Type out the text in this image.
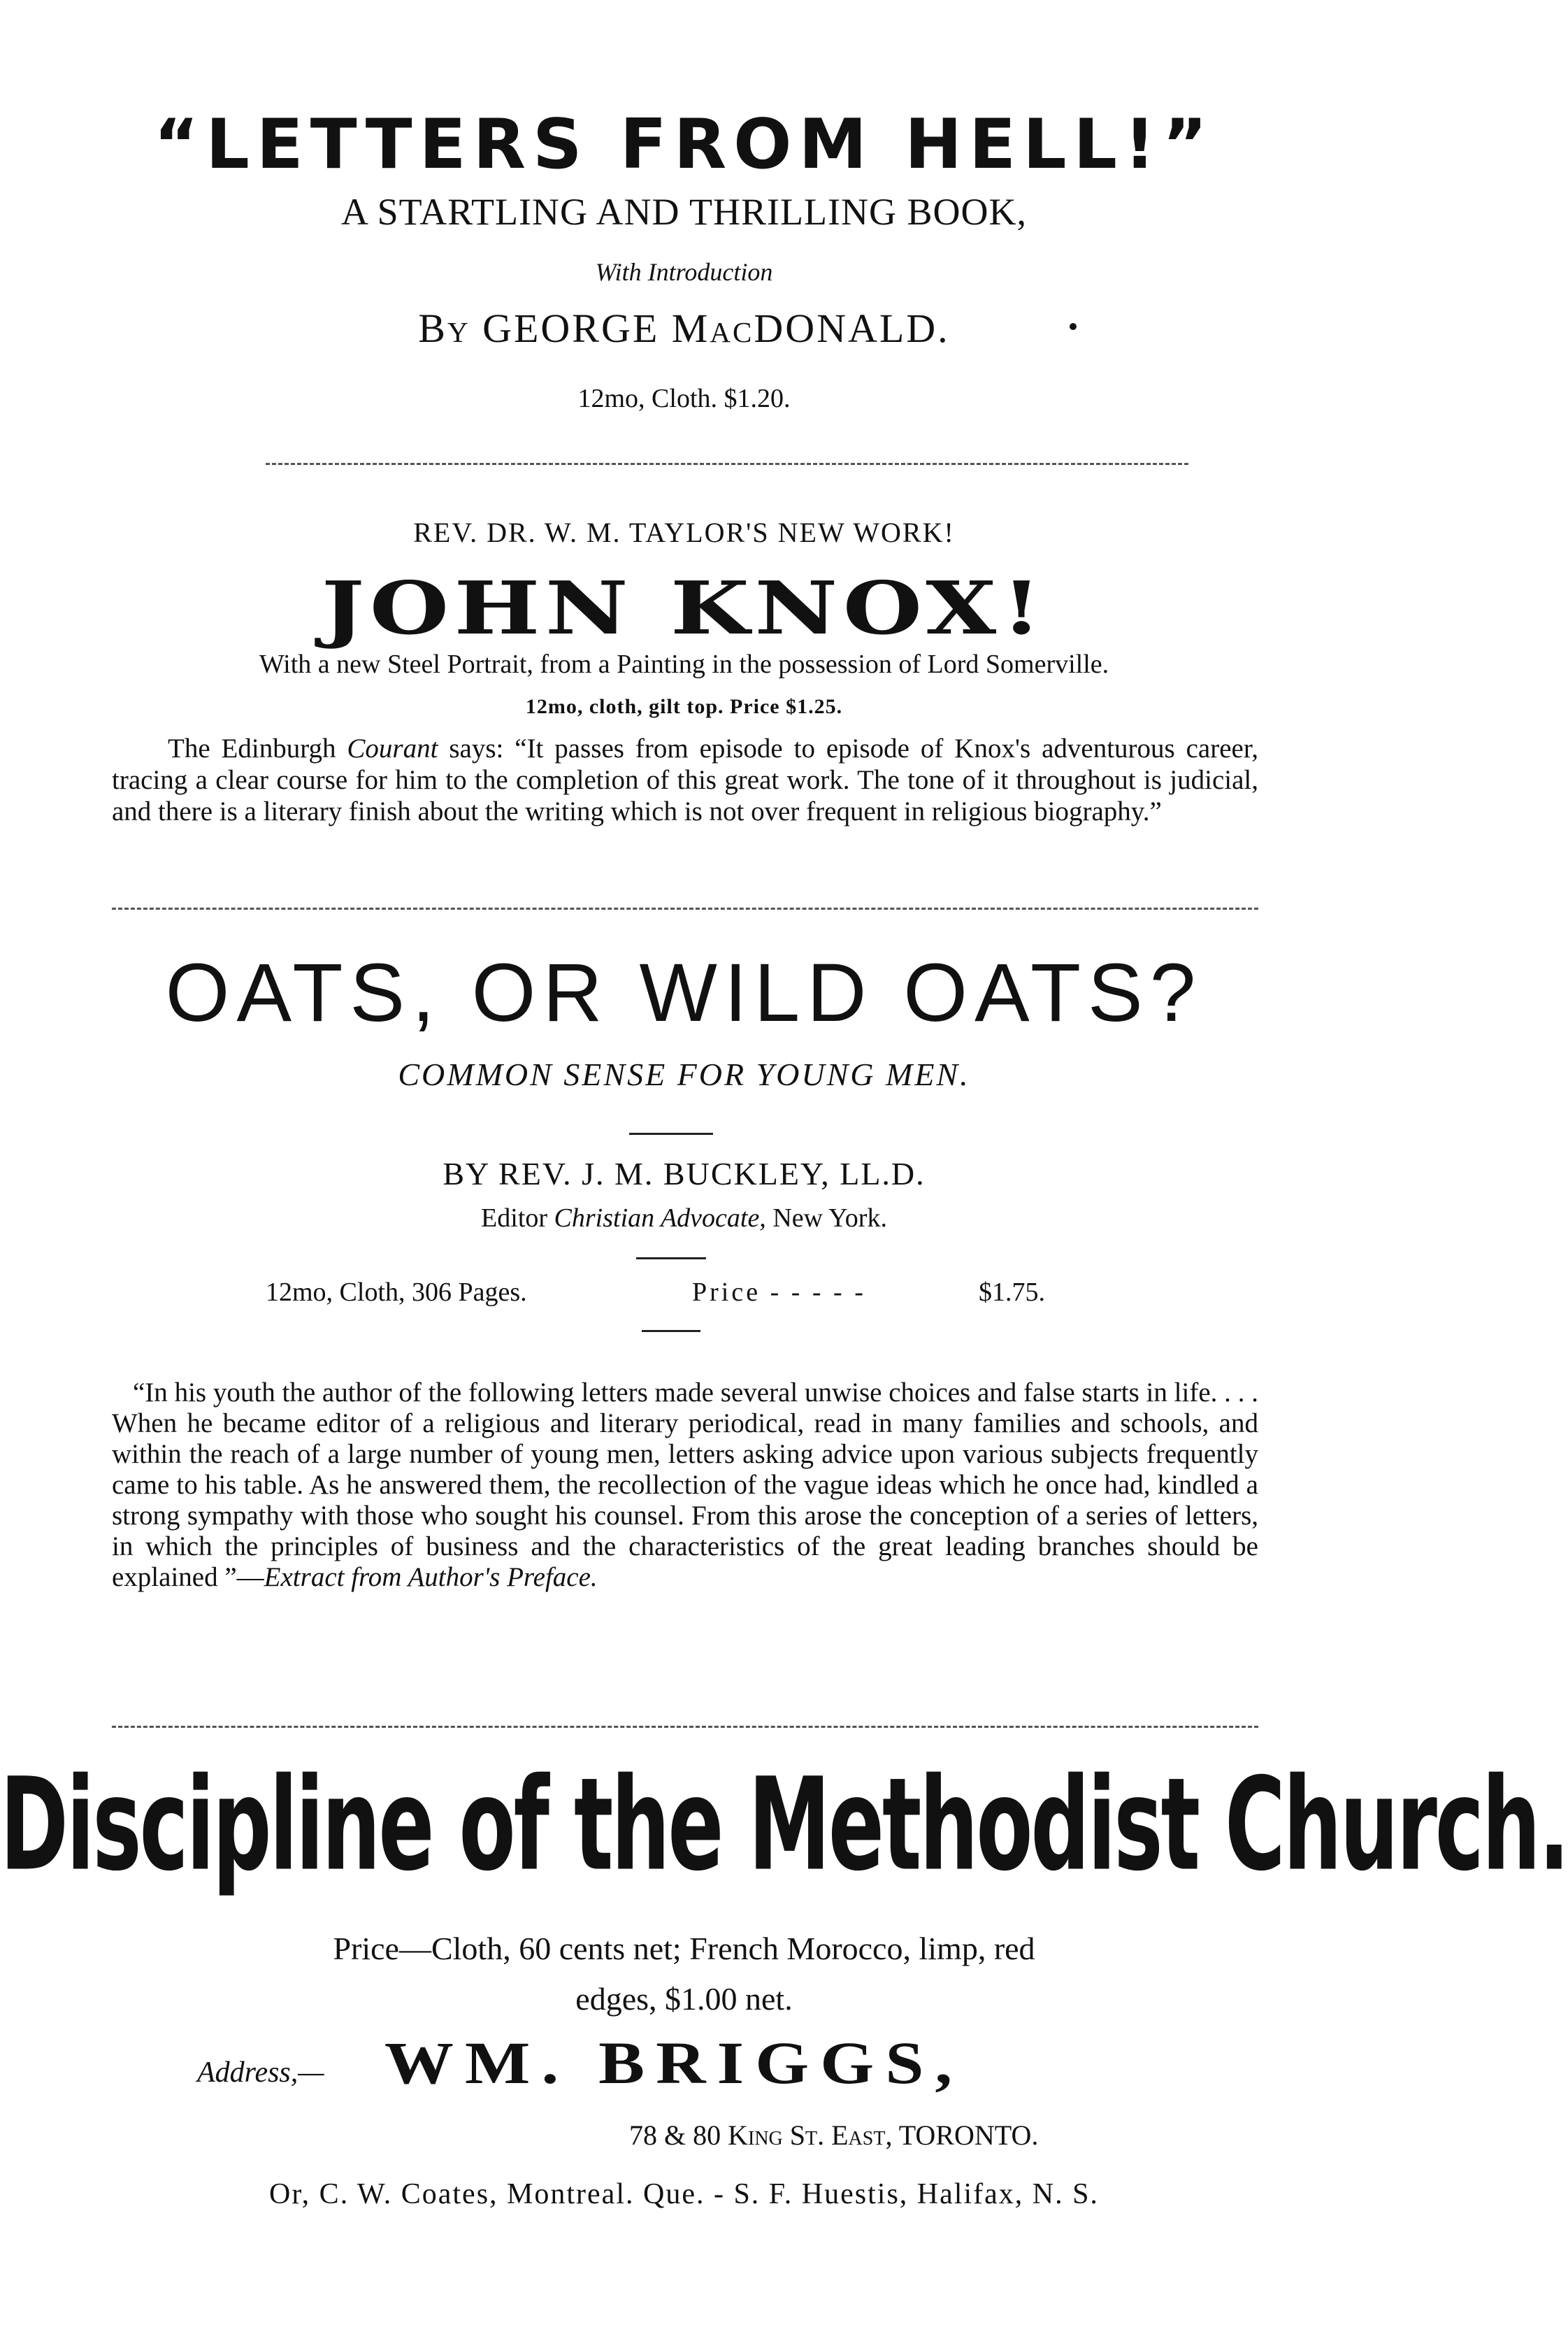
“LETTERS FROM HELL!”
A STARTLING AND THRILLING BOOK,
With Introduction
By GEORGE MacDONALD.
12mo, Cloth. $1.20.
REV. DR. W. M. TAYLOR'S NEW WORK!
JOHN KNOX!
With a new Steel Portrait, from a Painting in the possession of Lord Somerville.
12mo, cloth, gilt top. Price $1.25.

The Edinburgh Courant says: “It passes from episode to episode of Knox's adventurous career, tracing a clear course for him to the completion of this great work. The tone of it throughout is judicial, and there is a literary finish about the writing which is not over frequent in religious biography.”

OATS, OR WILD OATS?
COMMON SENSE FOR YOUNG MEN.
BY REV. J. M. BUCKLEY, LL.D.
Editor Christian Advocate, New York.
12mo, Cloth, 306 Pages.	Price - - - - -	$1.75.

“In his youth the author of the following letters made several unwise choices and false starts in life. . . . When he became editor of a religious and literary periodical, read in many families and schools, and within the reach of a large number of young men, letters asking advice upon various subjects frequently came to his table. As he answered them, the recollection of the vague ideas which he once had, kindled a strong sympathy with those who sought his counsel. From this arose the conception of a series of letters, in which the principles of business and the characteristics of the great leading branches should be explained ”—Extract from Author's Preface.

Discipline of the Methodist Church.
Price—Cloth, 60 cents net; French Morocco, limp, red
edges, $1.00 net.
Address,— WM. BRIGGS,
78 & 80 King St. East, TORONTO.
Or, C. W. Coates, Montreal. Que. - S. F. Huestis, Halifax, N. S.
